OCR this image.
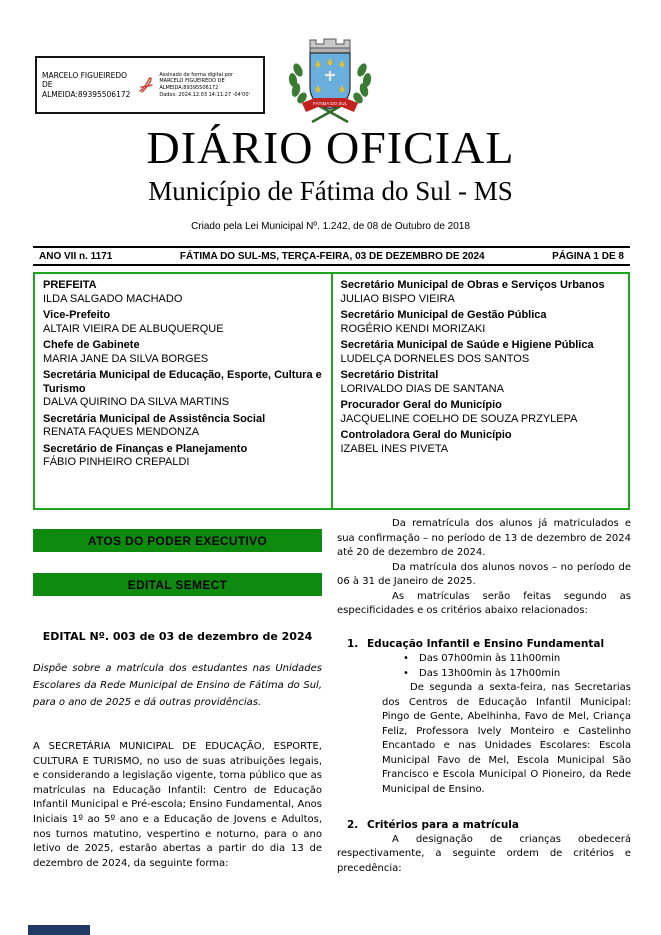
MARCELO FIGUEIREDO DE ALMEIDA:89395506172
Assinado de forma digital por
MARCELO FIGUEIREDO DE
ALMEIDA:89395506172
Dados: 2024.12.03 14:11:27 -04'00'
FÁTIMA DO SUL
DIÁRIO OFICIAL
Município de Fátima do Sul - MS
Criado pela Lei Municipal Nº. 1.242, de 08 de Outubro de 2018
ANO VII n. 1171	FÁTIMA DO SUL-MS, TERÇA-FEIRA, 03 DE DEZEMBRO DE 2024	PÁGINA 1 DE 8
PREFEITA
ILDA SALGADO MACHADO
Vice-Prefeito
ALTAIR VIEIRA DE ALBUQUERQUE
Chefe de Gabinete
MARIA JANE DA SILVA BORGES
Secretária Municipal de Educação, Esporte, Cultura e Turismo
DALVA QUIRINO DA SILVA MARTINS
Secretária Municipal de Assistência Social
RENATA FAQUES MENDONZA
Secretário de Finanças e Planejamento
FÁBIO PINHEIRO CREPALDI
Secretário Municipal de Obras e Serviços Urbanos
JULIAO BISPO VIEIRA
Secretário Municipal de Gestão Pública
ROGÉRIO KENDI MORIZAKI
Secretária Municipal de Saúde e Higiene Pública
LUDELÇA DORNELES DOS SANTOS
Secretário Distrital
LORIVALDO DIAS DE SANTANA
Procurador Geral do Município
JACQUELINE COELHO DE SOUZA PRZYLEPA
Controladora Geral do Município
IZABEL INES PIVETA
ATOS DO PODER EXECUTIVO
EDITAL SEMECT
EDITAL Nº. 003 de 03 de dezembro de 2024
Dispõe sobre a matrícula dos estudantes nas Unidades Escolares da Rede Municipal de Ensino de Fátima do Sul, para o ano de 2025 e dá outras providências.
A SECRETÁRIA MUNICIPAL DE EDUCAÇÃO, ESPORTE, CULTURA E TURISMO, no uso de suas atribuições legais, e considerando a legislação vigente, torna público que as matrículas na Educação Infantil: Centro de Educação Infantil Municipal e Pré-escola; Ensino Fundamental, Anos Iniciais 1º ao 5º ano e a Educação de Jovens e Adultos, nos turnos matutino, vespertino e noturno, para o ano letivo de 2025, estarão abertas a partir do dia 13 de dezembro de 2024, da seguinte forma:

Da rematrícula dos alunos já matriculados e sua confirmação – no período de 13 de dezembro de 2024 até 20 de dezembro de 2024.

Da matrícula dos alunos novos – no período de 06 à 31 de Janeiro de 2025.

As matrículas serão feitas segundo as especificidades e os critérios abaixo relacionados:

1. Educação Infantil e Ensino Fundamental
•	Das 07h00min às 11h00min
•	Das 13h00min às 17h00min
De segunda a sexta-feira, nas Secretarias dos Centros de Educação Infantil Municipal: Pingo de Gente, Abelhinha, Favo de Mel, Criança Feliz, Professora Ively Monteiro e Castelinho Encantado e nas Unidades Escolares: Escola Municipal Favo de Mel, Escola Municipal São Francisco e Escola Municipal O Pioneiro, da Rede Municipal de Ensino.
2. Critérios para a matrícula

A designação de crianças obedecerá respectivamente, a seguinte ordem de critérios e precedência:
